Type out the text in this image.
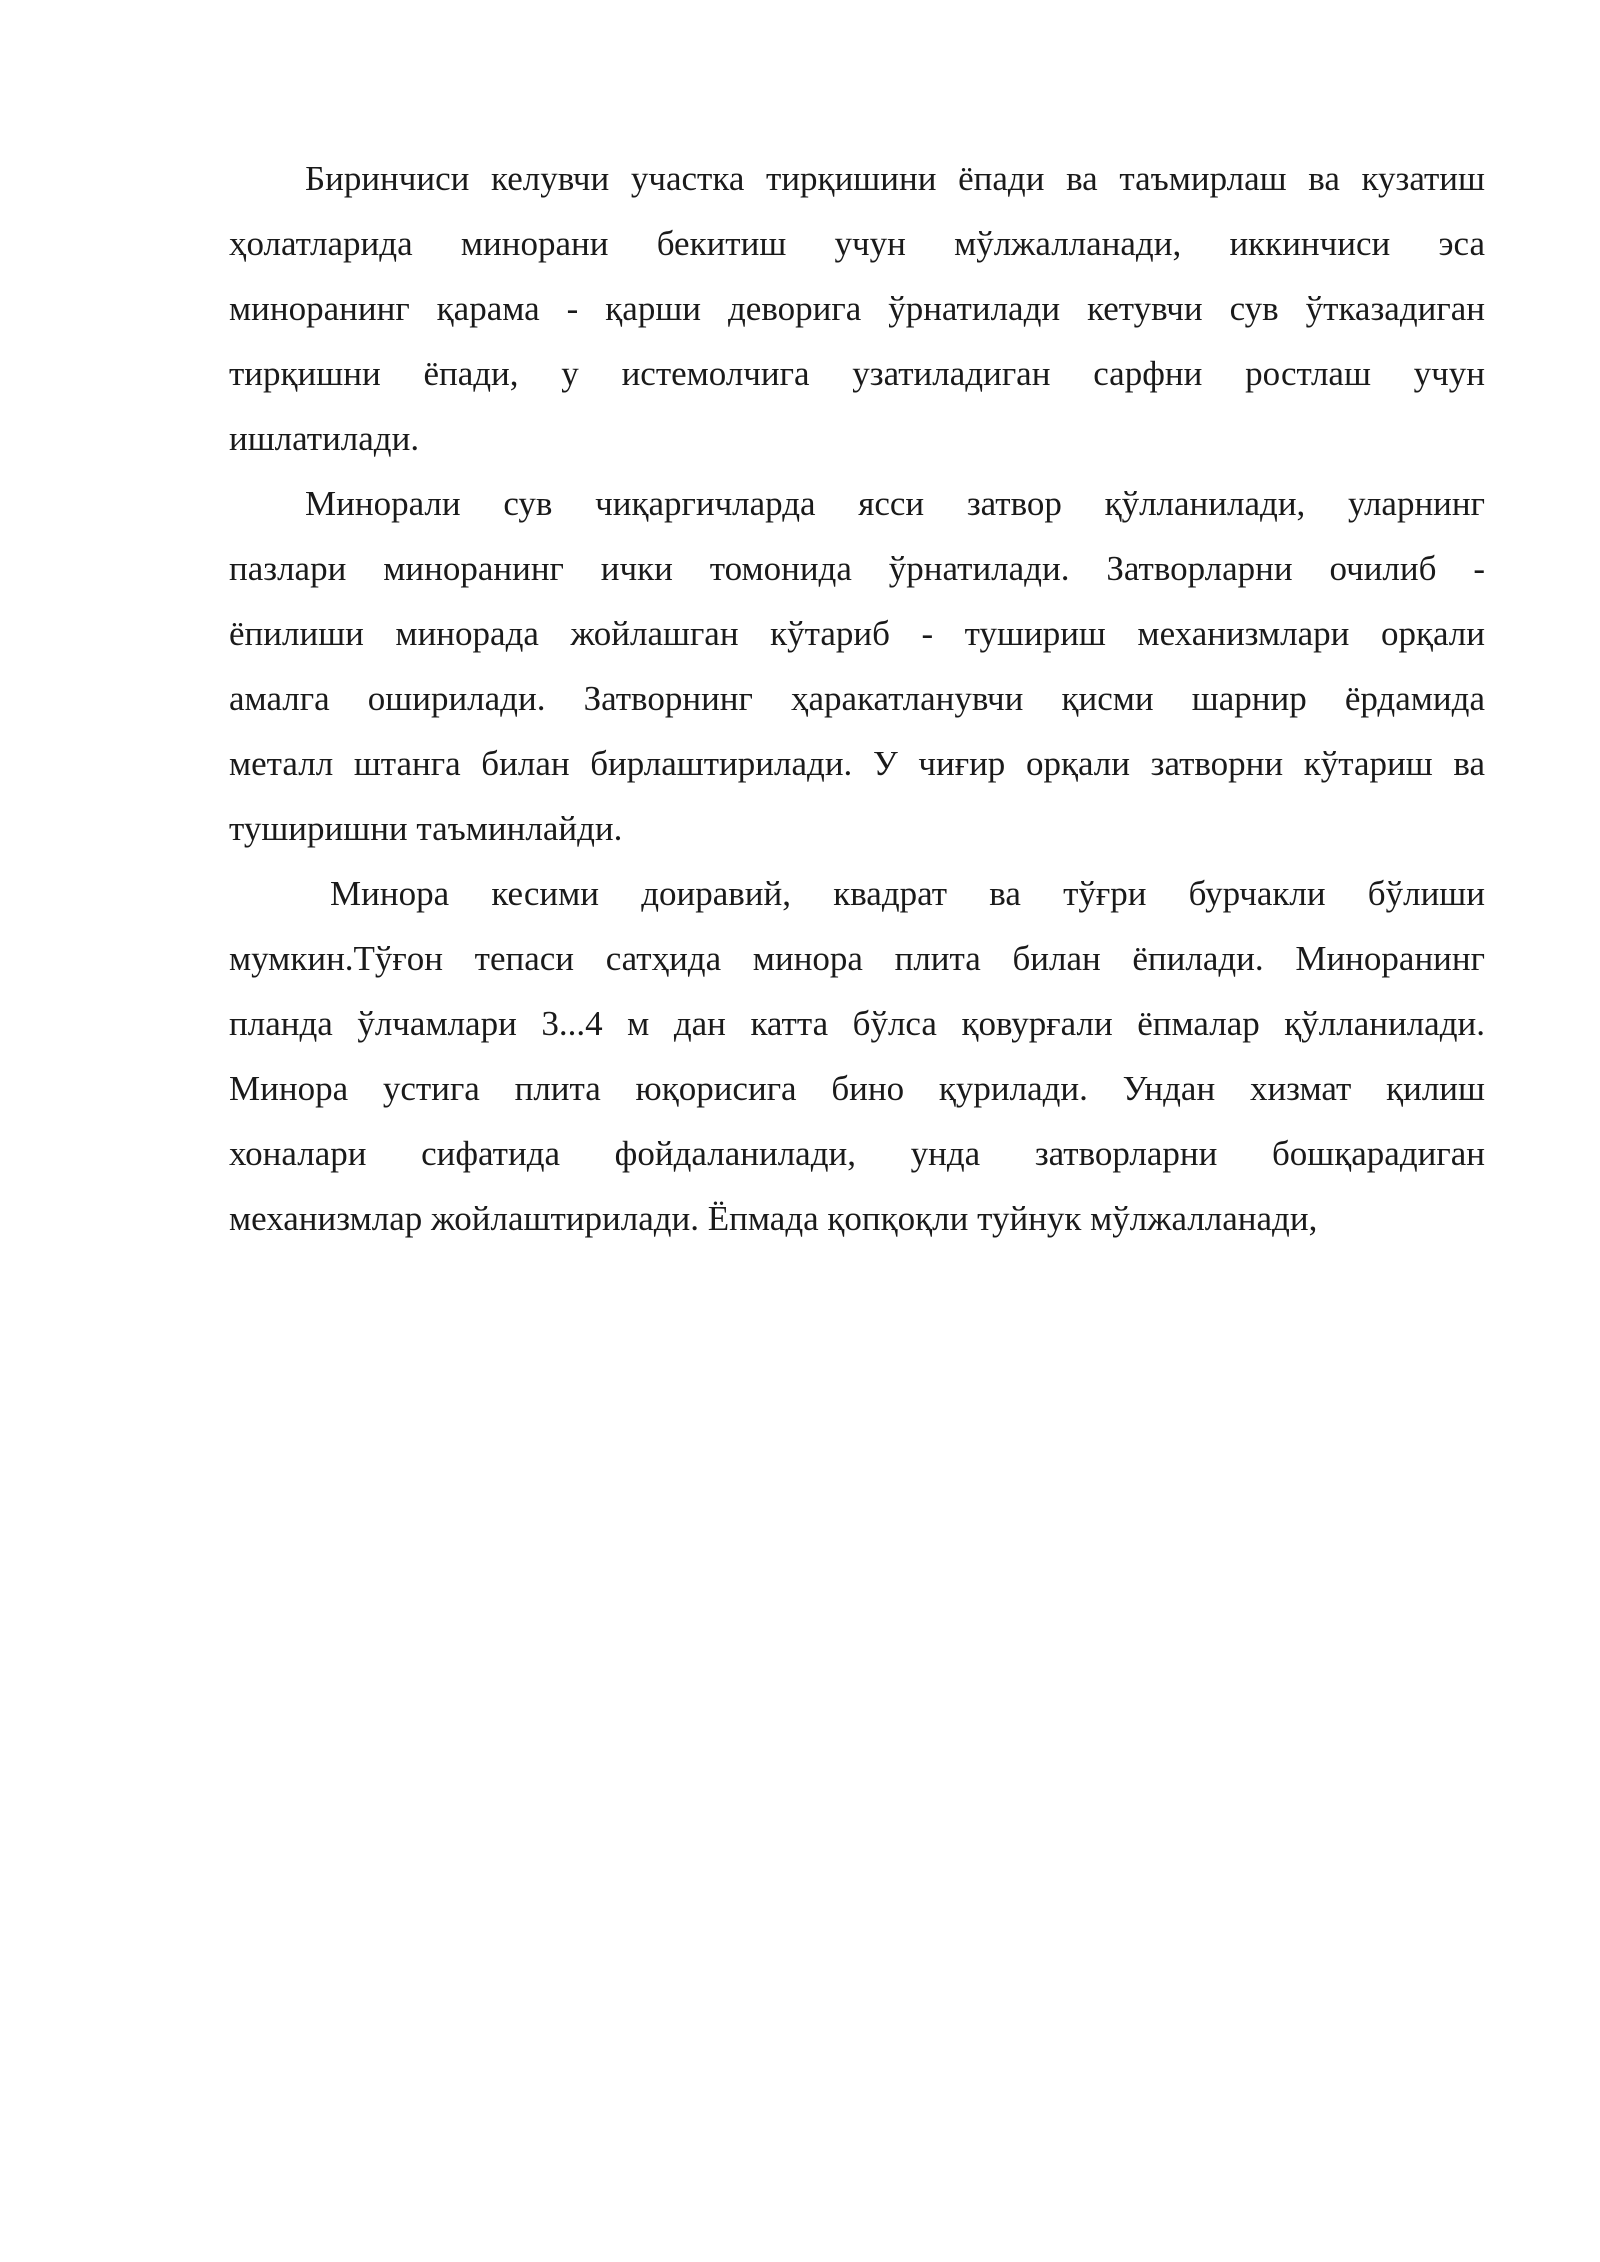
Биринчиси келувчи участка тирқишини ёпади ва таъмирлаш ва кузатиш
ҳолатларида минорани бекитиш учун мўлжалланади, иккинчиси эса
миноранинг қарама - қарши деворига ўрнатилади кетувчи сув ўтказадиган
тирқишни ёпади, у истемолчига узатиладиган сарфни ростлаш учун
ишлатилади.
Минорали сув чиқаргичларда ясси затвор қўлланилади, уларнинг
пазлари миноранинг ички томонида ўрнатилади. Затворларни очилиб -
ёпилиши минорада жойлашган кўтариб - тушириш механизмлари орқали
амалга оширилади. Затворнинг ҳаракатланувчи қисми шарнир ёрдамида
металл штанга билан бирлаштирилади. У чиғир орқали затворни кўтариш ва
туширишни таъминлайди.
Минора кесими доиравий, квадрат ва тўғри бурчакли бўлиши
мумкин.Тўғон тепаси сатҳида минора плита билан ёпилади. Миноранинг
планда ўлчамлари 3...4 м дан катта бўлса қовурғали ёпмалар қўлланилади.
Минора устига плита юқорисига бино қурилади. Ундан хизмат қилиш
хоналари сифатида фойдаланилади, унда затворларни бошқарадиган
механизмлар жойлаштирилади. Ёпмада қопқоқли туйнук мўлжалланади,
